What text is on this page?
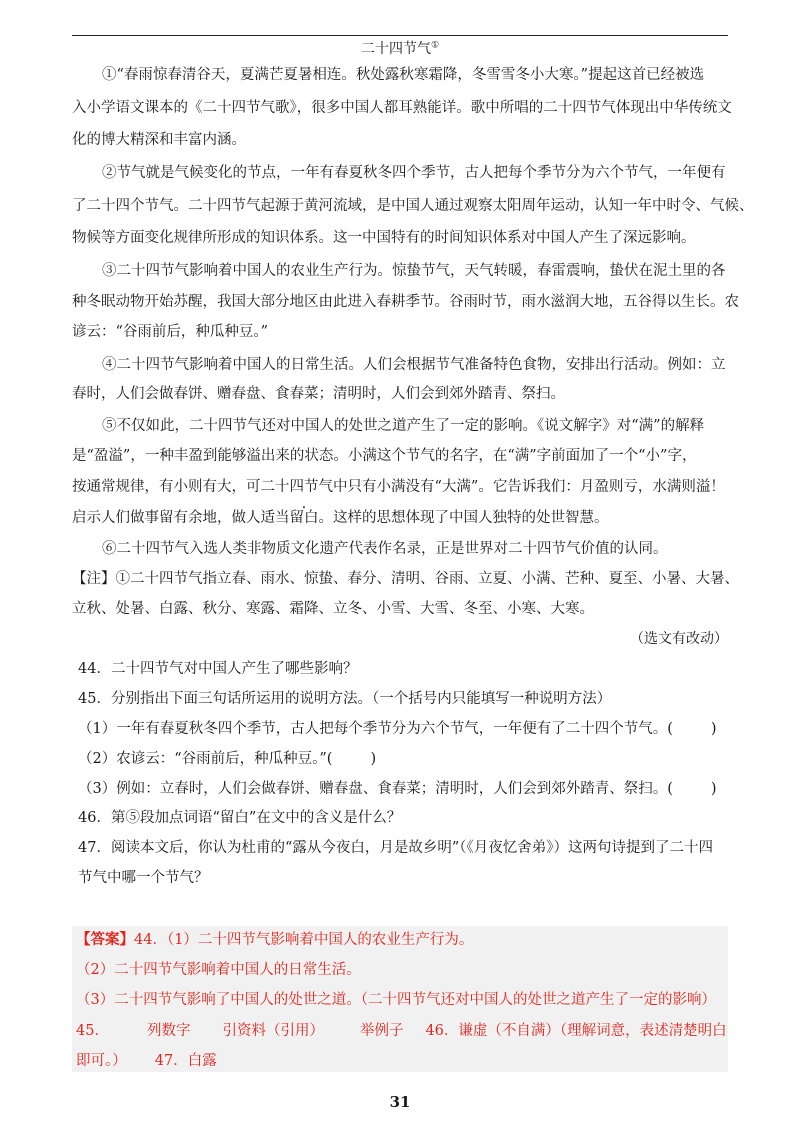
二十四节气①
①“春雨惊春清谷天，夏满芒夏暑相连。秋处露秋寒霜降，冬雪雪冬小大寒。”提起这首已经被选
入小学语文课本的《二十四节气歌》，很多中国人都耳熟能详。歌中所唱的二十四节气体现出中华传统文
化的博大精深和丰富内涵。
②节气就是气候变化的节点，一年有春夏秋冬四个季节，古人把每个季节分为六个节气，一年便有
了二十四个节气。二十四节气起源于黄河流域，是中国人通过观察太阳周年运动，认知一年中时令、气候、
物候等方面变化规律所形成的知识体系。这一中国特有的时间知识体系对中国人产生了深远影响。
③二十四节气影响着中国人的农业生产行为。惊蛰节气，天气转暖，春雷震响，蛰伏在泥土里的各
种冬眠动物开始苏醒，我国大部分地区由此进入春耕季节。谷雨时节，雨水滋润大地，五谷得以生长。农
谚云：“谷雨前后，种瓜种豆。”
④二十四节气影响着中国人的日常生活。人们会根据节气准备特色食物，安排出行活动。例如：立
春时，人们会做春饼、赠春盘、食春菜；清明时，人们会到郊外踏青、祭扫。
⑤不仅如此，二十四节气还对中国人的处世之道产生了一定的影响。《说文解字》对“满”的解释
是“盈溢”，一种丰盈到能够溢出来的状态。小满这个节气的名字，在“满”字前面加了一个“小”字，
按通常规律，有小则有大，可二十四节气中只有小满没有“大满”。它告诉我们：月盈则亏，水满则溢！
启示人们做事留有余地，做人适当留白。这样的思想体现了中国人独特的处世智慧。
⑥二十四节气入选人类非物质文化遗产代表作名录，正是世界对二十四节气价值的认同。
【注】①二十四节气指立春、雨水、惊蛰、春分、清明、谷雨、立夏、小满、芒种、夏至、小暑、大暑、
立秋、处暑、白露、秋分、寒露、霜降、立冬、小雪、大雪、冬至、小寒、大寒。
（选文有改动）
44．二十四节气对中国人产生了哪些影响？
45．分别指出下面三句话所运用的说明方法。（一个括号内只能填写一种说明方法）
（1）一年有春夏秋冬四个季节，古人把每个季节分为六个节气，一年便有了二十四个节气。(	)
（2）农谚云：“谷雨前后，种瓜种豆。”(	)
（3）例如：立春时，人们会做春饼、赠春盘、食春菜；清明时，人们会到郊外踏青、祭扫。(	)
46．第⑤段加点词语“留白”在文中的含义是什么？
47．阅读本文后，你认为杜甫的“露从今夜白，月是故乡明”（《月夜忆舍弟》）这两句诗提到了二十四
节气中哪一个节气？
【答案】44．（1）二十四节气影响着中国人的农业生产行为。
（2）二十四节气影响着中国人的日常生活。
（3）二十四节气影响了中国人的处世之道。（二十四节气还对中国人的处世之道产生了一定的影响）
45．	列数字 引资料（引用） 举例子 46．谦虚（不自满）（理解词意，表述清楚明白
即可。） 47．白露
31
